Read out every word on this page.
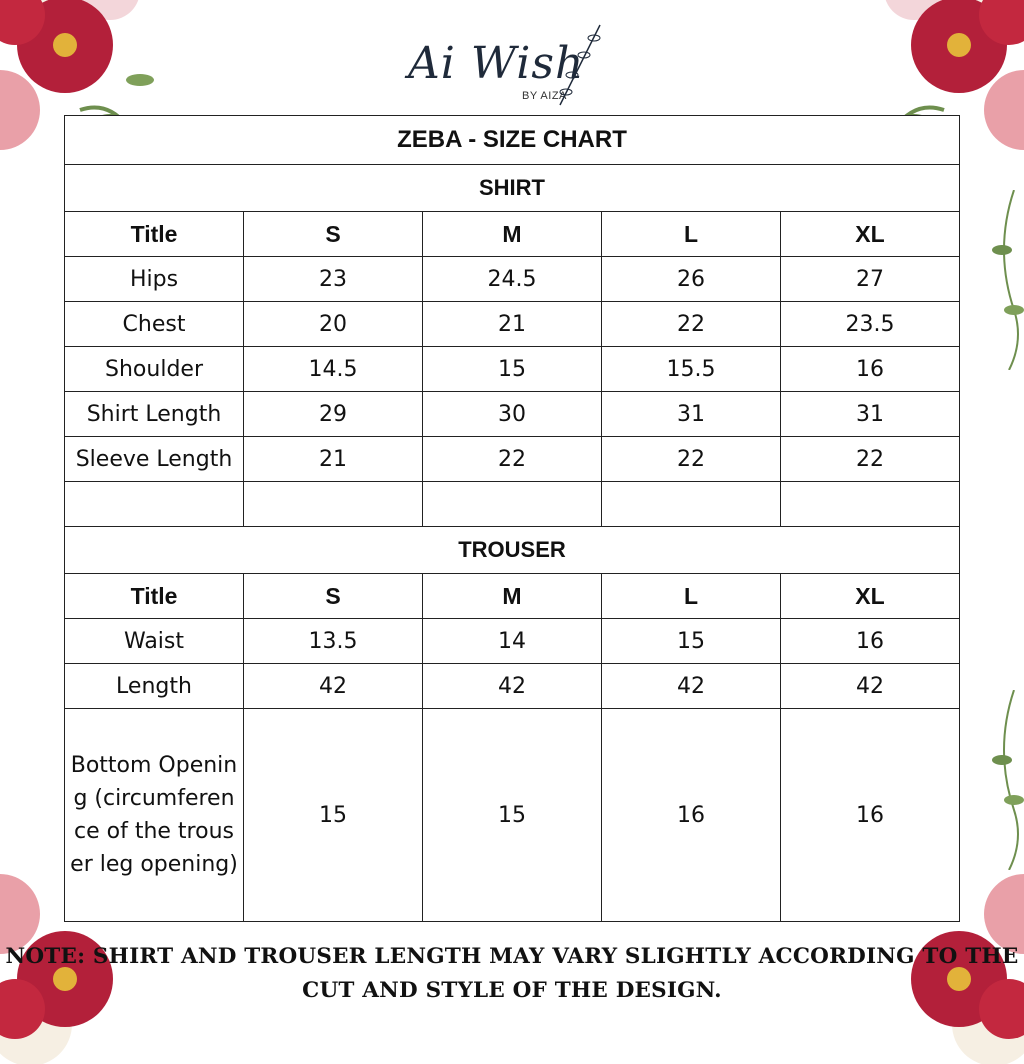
Ai Wish
BY AIZA
ZEBA - SIZE CHART				
SHIRT				
Title	S	M	L	XL
Hips	23	24.5	26	27
Chest	20	21	22	23.5
Shoulder	14.5	15	15.5	16
Shirt Length	29	30	31	31
Sleeve Length	21	22	22	22

TROUSER				
Title	S	M	L	XL
Waist	13.5	14	15	16
Length	42	42	42	42
Bottom Opening (circumference of the trouser leg opening)	15	15	16	16
NOTE: SHIRT AND TROUSER LENGTH MAY VARY SLIGHTLY ACCORDING TO THE
CUT AND STYLE OF THE DESIGN.
